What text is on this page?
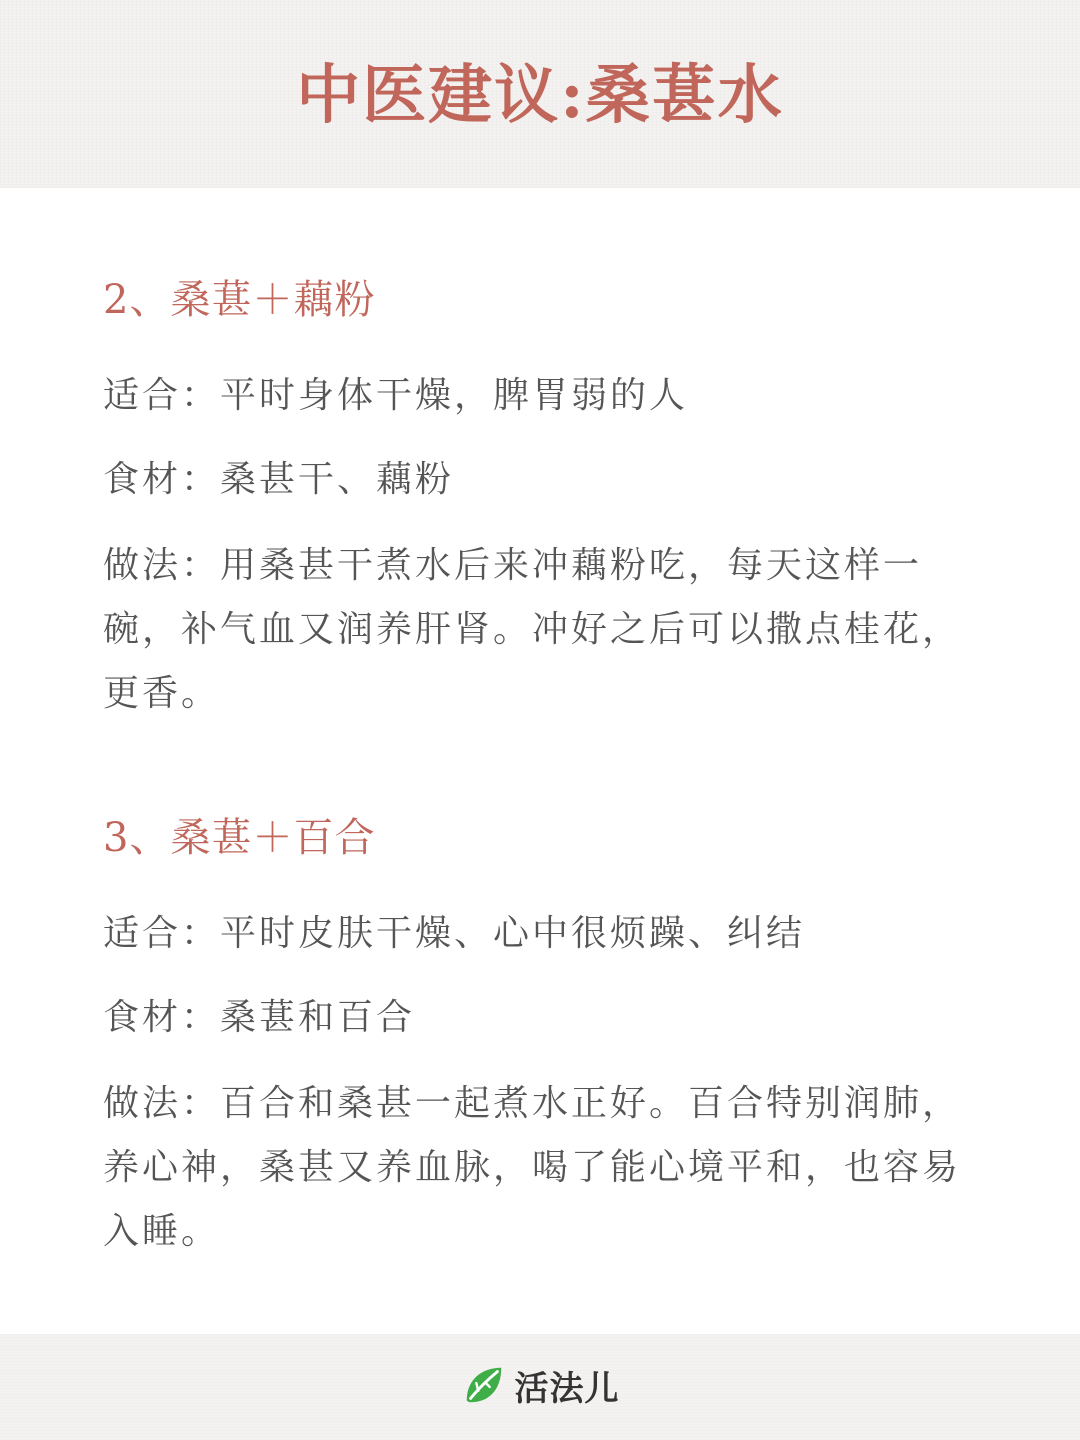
中医建议:桑葚水
2、桑葚＋藕粉

适合：平时身体干燥，脾胃弱的人

食材：桑甚干、藕粉

做法：用桑甚干煮水后来冲藕粉吃，每天这样一碗，补气血又润养肝肾。冲好之后可以撒点桂花，更香。

3、桑葚＋百合

适合：平时皮肤干燥、心中很烦躁、纠结

食材：桑葚和百合

做法：百合和桑甚一起煮水正好。百合特别润肺，养心神，桑甚又养血脉，喝了能心境平和，也容易入睡。

活法儿
